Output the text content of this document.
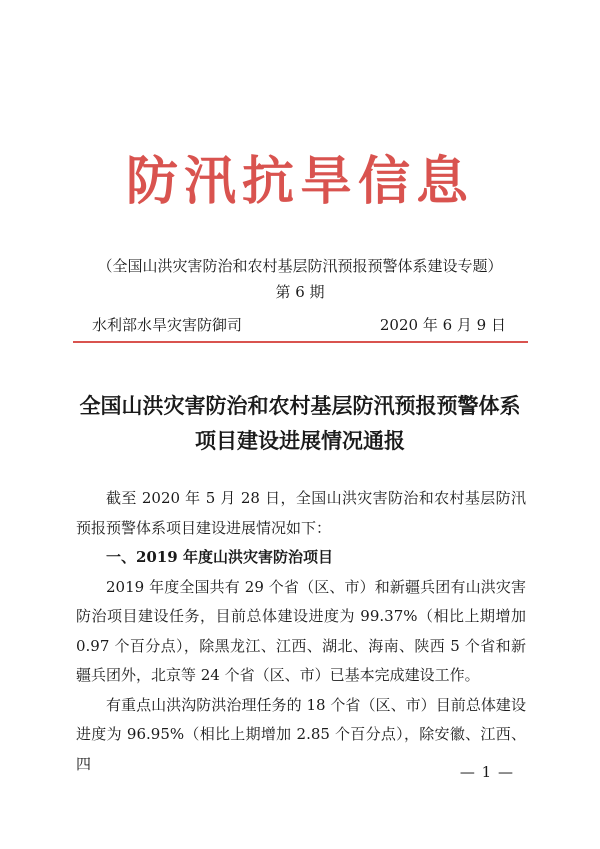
防汛抗旱信息
（全国山洪灾害防治和农村基层防汛预报预警体系建设专题）
第 6 期
水利部水旱灾害防御司	2020 年 6 月 9 日
全国山洪灾害防治和农村基层防汛预报预警体系
项目建设进展情况通报

截至 2020 年 5 月 28 日，全国山洪灾害防治和农村基层防汛预报预警体系项目建设进展情况如下：

一、2019 年度山洪灾害防治项目

2019 年度全国共有 29 个省（区、市）和新疆兵团有山洪灾害防治项目建设任务，目前总体建设进度为 99.37%（相比上期增加 0.97 个百分点），除黑龙江、江西、湖北、海南、陕西 5 个省和新疆兵团外，北京等 24 个省（区、市）已基本完成建设工作。

有重点山洪沟防洪治理任务的 18 个省（区、市）目前总体建设进度为 96.95%（相比上期增加 2.85 个百分点），除安徽、江西、四	— 1 —
